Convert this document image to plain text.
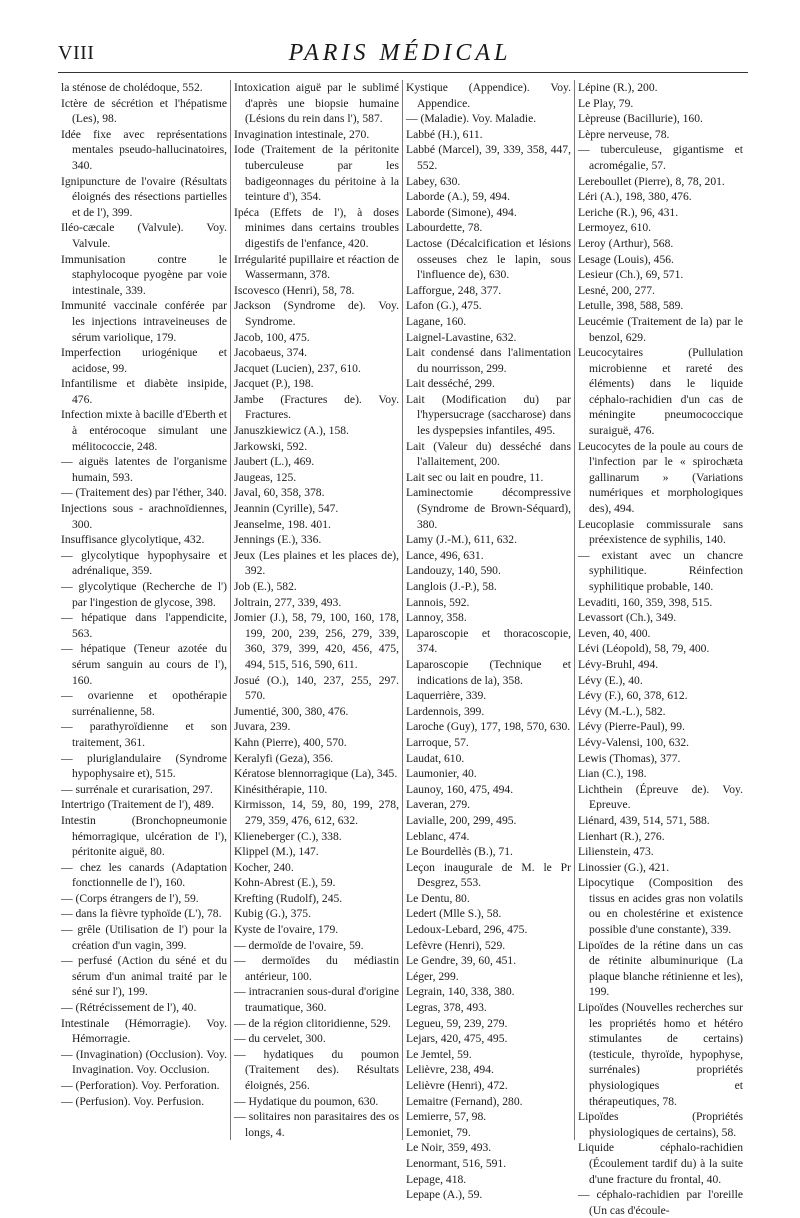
VIII	PARIS MÉDICAL

la sténose de cholédoque, 552.

Ictère de sécrétion et l'hépatisme (Les), 98.

Idée fixe avec représentations mentales pseudo-hallucinatoires, 340.

Ignipuncture de l'ovaire (Résultats éloignés des résections partielles et de l'), 399.

Iléo-cæcale (Valvule). Voy. Valvule.

Immunisation contre le staphylocoque pyogène par voie intestinale, 339.

Immunité vaccinale conférée par les injections intraveineuses de sérum variolique, 179.

Imperfection uriogénique et acidose, 99.

Infantilisme et diabète insipide, 476.

Infection mixte à bacille d'Eberth et à entérocoque simulant une mélitococcie, 248.

— aiguës latentes de l'organisme humain, 593.

— (Traitement des) par l'éther, 340.

Injections sous - arachnoïdiennes, 300.

Insuffisance glycolytique, 432.

— glycolytique hypophysaire et adrénalique, 359.

— glycolytique (Recherche de l') par l'ingestion de glycose, 398.

— hépatique dans l'appendicite, 563.

— hépatique (Teneur azotée du sérum sanguin au cours de l'), 160.

— ovarienne et opothérapie surrénalienne, 58.

— parathyroïdienne et son traitement, 361.

— pluriglandulaire (Syndrome hypophysaire et), 515.

— surrénale et curarisation, 297.

Intertrigo (Traitement de l'), 489.

Intestin (Bronchopneumonie hémorragique, ulcération de l'), péritonite aiguë, 80.

— chez les canards (Adaptation fonctionnelle de l'), 160.

— (Corps étrangers de l'), 59.

— dans la fièvre typhoïde (L'), 78.

— grêle (Utilisation de l') pour la création d'un vagin, 399.

— perfusé (Action du séné et du sérum d'un animal traité par le séné sur l'), 199.

— (Rétrécissement de l'), 40.

Intestinale (Hémorragie). Voy. Hémorragie.

— (Invagination) (Occlusion). Voy. Invagination. Voy. Occlusion.

— (Perforation). Voy. Perforation.

— (Perfusion). Voy. Perfusion.

Intoxication aiguë par le sublimé d'après une biopsie humaine (Lésions du rein dans l'), 587.

Invagination intestinale, 270.

Iode (Traitement de la péritonite tuberculeuse par les badigeonnages du péritoine à la teinture d'), 354.

Ipéca (Effets de l'), à doses minimes dans certains troubles digestifs de l'enfance, 420.

Irrégularité pupillaire et réaction de Wassermann, 378.

Iscovesco (Henri), 58, 78.

Jackson (Syndrome de). Voy. Syndrome.

Jacob, 100, 475.

Jacobaeus, 374.

Jacquet (Lucien), 237, 610.

Jacquet (P.), 198.

Jambe (Fractures de). Voy. Fractures.

Januszkiewicz (A.), 158.

Jarkowski, 592.

Jaubert (L.), 469.

Jaugeas, 125.

Javal, 60, 358, 378.

Jeannin (Cyrille), 547.

Jeanselme, 198. 401.

Jennings (E.), 336.

Jeux (Les plaines et les places de), 392.

Job (E.), 582.

Joltrain, 277, 339, 493.

Jomier (J.), 58, 79, 100, 160, 178, 199, 200, 239, 256, 279, 339, 360, 379, 399, 420, 456, 475, 494, 515, 516, 590, 611.

Josué (O.), 140, 237, 255, 297. 570.

Jumentié, 300, 380, 476.

Juvara, 239.

Kahn (Pierre), 400, 570.

Keralyfi (Geza), 356.

Kératose blennorragique (La), 345.

Kinésithérapie, 110.

Kirmisson, 14, 59, 80, 199, 278, 279, 359, 476, 612, 632.

Klieneberger (C.), 338.

Klippel (M.), 147.

Kocher, 240.

Kohn-Abrest (E.), 59.

Krefting (Rudolf), 245.

Kubig (G.), 375.

Kyste de l'ovaire, 179.

— dermoïde de l'ovaire, 59.

— dermoïdes du médiastin antérieur, 100.

— intracranien sous-dural d'origine traumatique, 360.

— de la région clitoridienne, 529.

— du cervelet, 300.

— hydatiques du poumon (Traitement des). Résultats éloignés, 256.

— Hydatique du poumon, 630.

— solitaires non parasitaires des os longs, 4.

Kystique (Appendice). Voy. Appendice.

— (Maladie). Voy. Maladie.

Labbé (H.), 611.

Labbé (Marcel), 39, 339, 358, 447, 552.

Labey, 630.

Laborde (A.), 59, 494.

Laborde (Simone), 494.

Labourdette, 78.

Lactose (Décalcification et lésions osseuses chez le lapin, sous l'influence de), 630.

Lafforgue, 248, 377.

Lafon (G.), 475.

Lagane, 160.

Laignel-Lavastine, 632.

Lait condensé dans l'alimentation du nourrisson, 299.

Lait desséché, 299.

Lait (Modification du) par l'hypersucrage (saccharose) dans les dyspepsies infantiles, 495.

Lait (Valeur du) desséché dans l'allaitement, 200.

Lait sec ou lait en poudre, 11.

Laminectomie décompressive (Syndrome de Brown-Séquard), 380.

Lamy (J.-M.), 611, 632.

Lance, 496, 631.

Landouzy, 140, 590.

Langlois (J.-P.), 58.

Lannois, 592.

Lannoy, 358.

Laparoscopie et thoracoscopie, 374.

Laparoscopie (Technique et indications de la), 358.

Laquerrière, 339.

Lardennois, 399.

Laroche (Guy), 177, 198, 570, 630.

Larroque, 57.

Laudat, 610.

Laumonier, 40.

Launoy, 160, 475, 494.

Laveran, 279.

Lavialle, 200, 299, 495.

Leblanc, 474.

Le Bourdellès (B.), 71.

Leçon inaugurale de M. le Pr Desgrez, 553.

Le Dentu, 80.

Ledert (Mlle S.), 58.

Ledoux-Lebard, 296, 475.

Lefèvre (Henri), 529.

Le Gendre, 39, 60, 451.

Léger, 299.

Legrain, 140, 338, 380.

Legras, 378, 493.

Legueu, 59, 239, 279.

Lejars, 420, 475, 495.

Le Jemtel, 59.

Lelièvre, 238, 494.

Lelièvre (Henri), 472.

Lemaitre (Fernand), 280.

Lemierre, 57, 98.

Lemoniet, 79.

Le Noir, 359, 493.

Lenormant, 516, 591.

Lepage, 418.

Lepape (A.), 59.

Lépine (R.), 200.

Le Play, 79.

Lèpreuse (Bacillurie), 160.

Lèpre nerveuse, 78.

— tuberculeuse, gigantisme et acromégalie, 57.

Lereboullet (Pierre), 8, 78, 201.

Léri (A.), 198, 380, 476.

Leriche (R.), 96, 431.

Lermoyez, 610.

Leroy (Arthur), 568.

Lesage (Louis), 456.

Lesieur (Ch.), 69, 571.

Lesné, 200, 277.

Letulle, 398, 588, 589.

Leucémie (Traitement de la) par le benzol, 629.

Leucocytaires (Pullulation microbienne et rareté des éléments) dans le liquide céphalo-rachidien d'un cas de méningite pneumococcique suraiguë, 476.

Leucocytes de la poule au cours de l'infection par le « spirochæta gallinarum » (Variations numériques et morphologiques des), 494.

Leucoplasie commissurale sans préexistence de syphilis, 140.

— existant avec un chancre syphilitique. Réinfection syphilitique probable, 140.

Levaditi, 160, 359, 398, 515.

Levassort (Ch.), 349.

Leven, 40, 400.

Lévi (Léopold), 58, 79, 400.

Lévy-Bruhl, 494.

Lévy (E.), 40.

Lévy (F.), 60, 378, 612.

Lévy (M.-L.), 582.

Lévy (Pierre-Paul), 99.

Lévy-Valensi, 100, 632.

Lewis (Thomas), 377.

Lian (C.), 198.

Lichthein (Épreuve de). Voy. Epreuve.

Liénard, 439, 514, 571, 588.

Lienhart (R.), 276.

Lilienstein, 473.

Linossier (G.), 421.

Lipocytique (Composition des tissus en acides gras non volatils ou en cholestérine et existence possible d'une constante), 339.

Lipoïdes de la rétine dans un cas de rétinite albuminurique (La plaque blanche rétinienne et les), 199.

Lipoïdes (Nouvelles recherches sur les propriétés homo et hétéro stimulantes de certains) (testicule, thyroïde, hypophyse, surrénales) propriétés physiologiques et thérapeutiques, 78.

Lipoïdes (Propriétés physiologiques de certains), 58.

Liquide céphalo-rachidien (Écoulement tardif du) à la suite d'une fracture du frontal, 40.

— céphalo-rachidien par l'oreille (Un cas d'écoule-
